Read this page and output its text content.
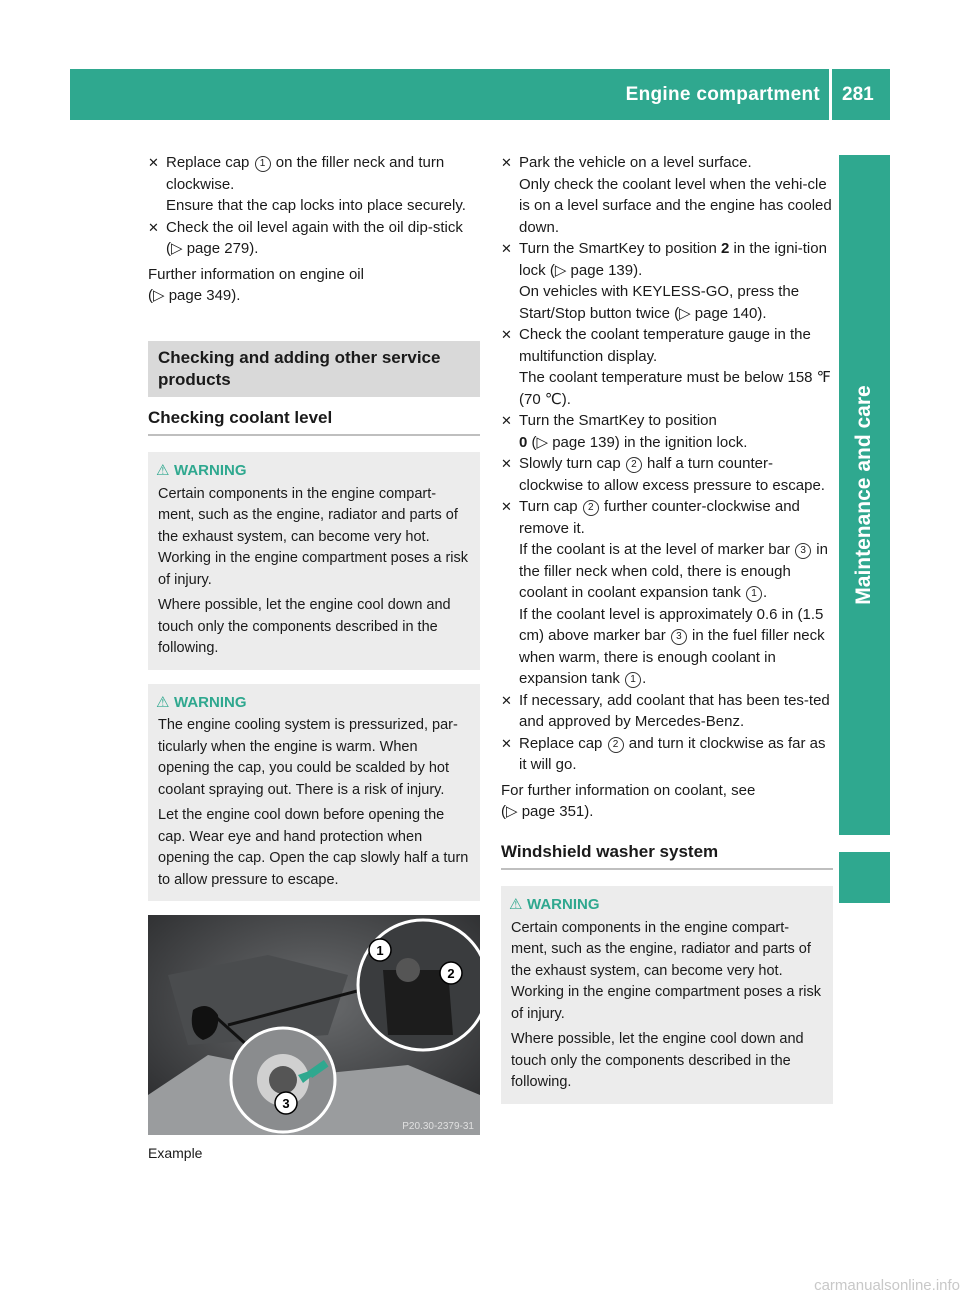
Engine compartment 281
Maintenance and care

✕ Replace cap 1 on the filler neck and turn clockwise.
Ensure that the cap locks into place securely.

✕ Check the oil level again with the oil dip-stick (▷ page 279).

Further information on engine oil
(▷ page 349).

Checking and adding other service products
Checking coolant level
⚠ WARNING
Certain components in the engine compart-ment, such as the engine, radiator and parts of the exhaust system, can become very hot. Working in the engine compartment poses a risk of injury.
Where possible, let the engine cool down and touch only the components described in the following.
⚠ WARNING
The engine cooling system is pressurized, par-ticularly when the engine is warm. When opening the cap, you could be scalded by hot coolant spraying out. There is a risk of injury.
Let the engine cool down before opening the cap. Wear eye and hand protection when opening the cap. Open the cap slowly half a turn to allow pressure to escape.
1
2
3
P20.30-2379-31
Example

✕ Park the vehicle on a level surface.

Only check the coolant level when the vehi-cle is on a level surface and the engine has cooled down.

✕ Turn the SmartKey to position 2 in the igni-tion lock (▷ page 139).

On vehicles with KEYLESS-GO, press the Start/Stop button twice (▷ page 140).

✕ Check the coolant temperature gauge in the multifunction display.
The coolant temperature must be below 158 ℉ (70 ℃).

✕ Turn the SmartKey to position
0 (▷ page 139) in the ignition lock.

✕ Slowly turn cap 2 half a turn counter-clockwise to allow excess pressure to escape.

✕ Turn cap 2 further counter-clockwise and remove it.
If the coolant is at the level of marker bar 3 in the filler neck when cold, there is enough coolant in coolant expansion tank 1 .

If the coolant level is approximately 0.6 in (1.5 cm) above marker bar 3 in the fuel filler neck when warm, there is enough coolant in expansion tank 1 .

✕ If necessary, add coolant that has been tes-ted and approved by Mercedes-Benz.

✕ Replace cap 2 and turn it clockwise as far as it will go.

For further information on coolant, see
(▷ page 351).

Windshield washer system
⚠ WARNING
Certain components in the engine compart-ment, such as the engine, radiator and parts of the exhaust system, can become very hot. Working in the engine compartment poses a risk of injury.
Where possible, let the engine cool down and touch only the components described in the following.
carmanualsonline.info
